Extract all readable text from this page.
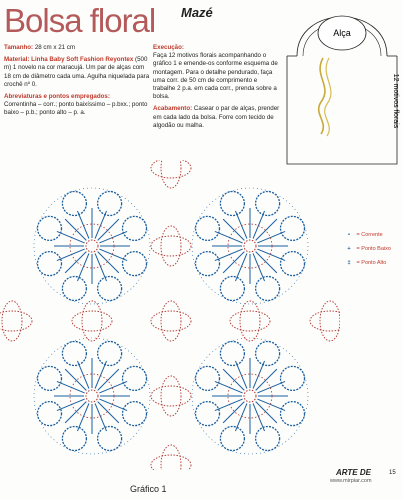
Bolsa floral Mazé

Tamanho: 28 cm x 21 cm

Material: Linha Baby Soft Fashion Reyontex (500 m) 1 novelo na cor maracujá. Um par de alças com 18 cm de diâmetro cada uma. Agulha niquelada para crochê nº 0.

Abreviaturas e pontos empregados:
Correntinha – corr.; ponto baixíssimo – p.bxx.; ponto baixo – p.b.; ponto alto – p. a.

Execução:
Faça 12 motivos florais acompanhando o gráfico 1 e emende-os conforme esquema de montagem. Para o detalhe pendurado, faça uma corr. de 50 cm de comprimento e trabalhe 2 p.a. em cada corr., prenda sobre a bolsa.

Acabamento: Casear o par de alças, prender em cada lado da bolsa. Forre com tecido de algodão ou malha.

Alça
12 motivos florais
• = Corrente
+ = Ponto Baixo
‡ = Ponto Alto
ARTE DE	15
www.mirpiar.com
Gráfico 1
